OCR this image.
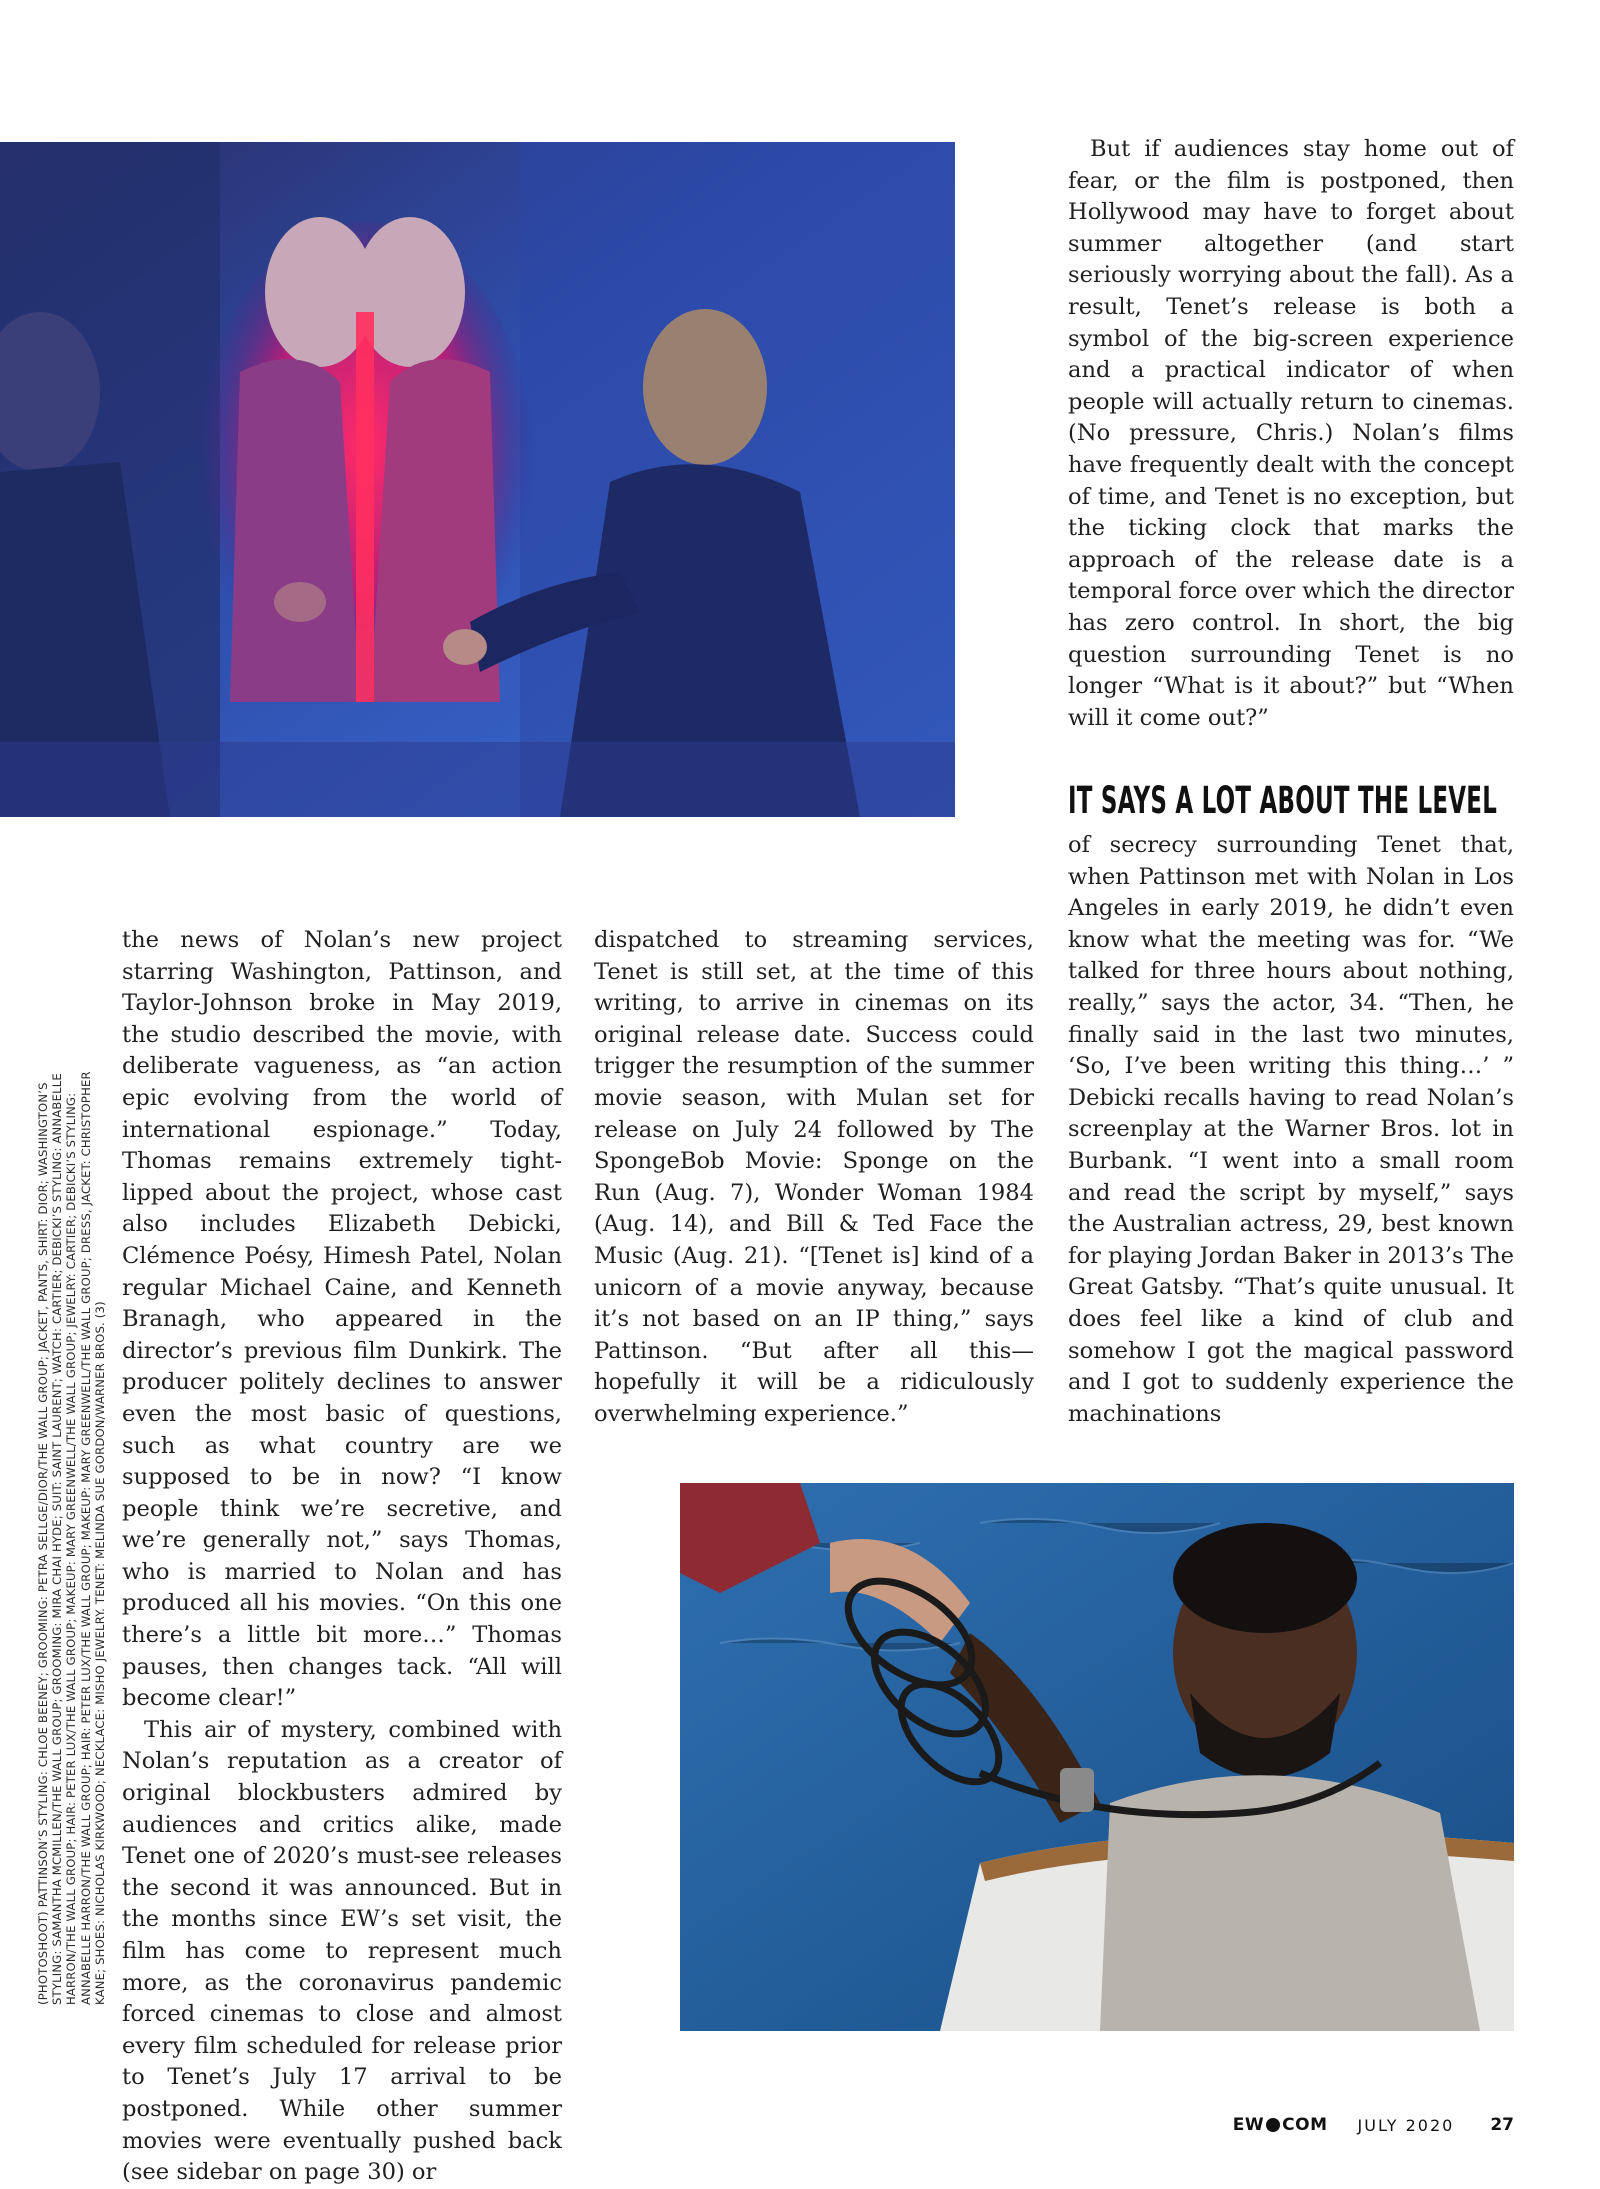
But if audiences stay home out of fear, or the film is postponed, then Hollywood may have to forget about summer altogether (and start seriously worrying about the fall). As a result, Tenet’s release is both a symbol of the big-screen experience and a practical indicator of when people will actually return to cinemas. (No pressure, Chris.) Nolan’s films have frequently dealt with the concept of time, and Tenet is no exception, but the ticking clock that marks the approach of the release date is a temporal force over which the director has zero control. In short, the big question surrounding Tenet is no longer “What is it about?” but “When will it come out?”

IT SAYS A LOT ABOUT THE LEVEL

of secrecy surrounding Tenet that, when Pattinson met with Nolan in Los Angeles in early 2019, he didn’t even know what the meeting was for. “We talked for three hours about nothing, really,” says the actor, 34. “Then, he finally said in the last two minutes, ‘So, I’ve been writing this thing…’ ” Debicki recalls having to read Nolan’s screenplay at the Warner Bros. lot in Burbank. “I went into a small room and read the script by myself,” says the Australian actress, 29, best known for playing Jordan Baker in 2013’s The Great Gatsby. “That’s quite unusual. It does feel like a kind of club and somehow I got the magical password and I got to suddenly experience the machinations

the news of Nolan’s new project starring Washington, Pattinson, and Taylor-Johnson broke in May 2019, the studio described the movie, with deliberate vagueness, as “an action epic evolving from the world of international espionage.” Today, Thomas remains extremely tight-lipped about the project, whose cast also includes Elizabeth Debicki, Clémence Poésy, Himesh Patel, Nolan regular Michael Caine, and Kenneth Branagh, who appeared in the director’s previous film Dunkirk. The producer politely declines to answer even the most basic of questions, such as what country are we supposed to be in now? “I know people think we’re secretive, and we’re generally not,” says Thomas, who is married to Nolan and has produced all his movies. “On this one there’s a little bit more…” Thomas pauses, then changes tack. “All will become clear!”

This air of mystery, combined with Nolan’s reputation as a creator of original blockbusters admired by audiences and critics alike, made Tenet one of 2020’s must-see releases the second it was announced. But in the months since EW’s set visit, the film has come to represent much more, as the coronavirus pandemic forced cinemas to close and almost every film scheduled for release prior to Tenet’s July 17 arrival to be postponed. While other summer movies were eventually pushed back (see sidebar on page 30) or

dispatched to streaming services, Tenet is still set, at the time of this writing, to arrive in cinemas on its original release date. Success could trigger the resumption of the summer movie season, with Mulan set for release on July 24 followed by The SpongeBob Movie: Sponge on the Run (Aug. 7), Wonder Woman 1984 (Aug. 14), and Bill & Ted Face the Music (Aug. 21). “[Tenet is] kind of a unicorn of a movie anyway, because it’s not based on an IP thing,” says Pattinson. “But after all this—hopefully it will be a ridiculously overwhelming experience.”

(PHOTOSHOOT) PATTINSON’S STYLING: CHLOE BEENEY; GROOMING: PETRA SELLGE/DIOR/THE WALL GROUP; JACKET, PANTS, SHIRT: DIOR; WASHINGTON’S STYLING: SAMANTHA MCMILLEN/THE WALL GROUP; GROOMING: MIRA CHAI HYDE; SUIT: SAINT LAURENT; WATCH: CARTIER; DEBICKI’S STYLING: ANNABELLE HARRON/THE WALL GROUP; HAIR: PETER LUX/THE WALL GROUP; MAKEUP: MARY GREENWELL/THE WALL GROUP; JEWELRY: CARTIER; DEBICKI’S STYLING: ANNABELLE HARRON/THE WALL GROUP; HAIR: PETER LUX/THE WALL GROUP; MAKEUP: MARY GREENWELL/THE WALL GROUP; DRESS, JACKET: CHRISTOPHER KANE; SHOES: NICHOLAS KIRKWOOD; NECKLACE: MISHO JEWELRY. TENET: MELINDA SUE GORDON/WARNER BROS. (3)
EW COM JULY 2020 27
